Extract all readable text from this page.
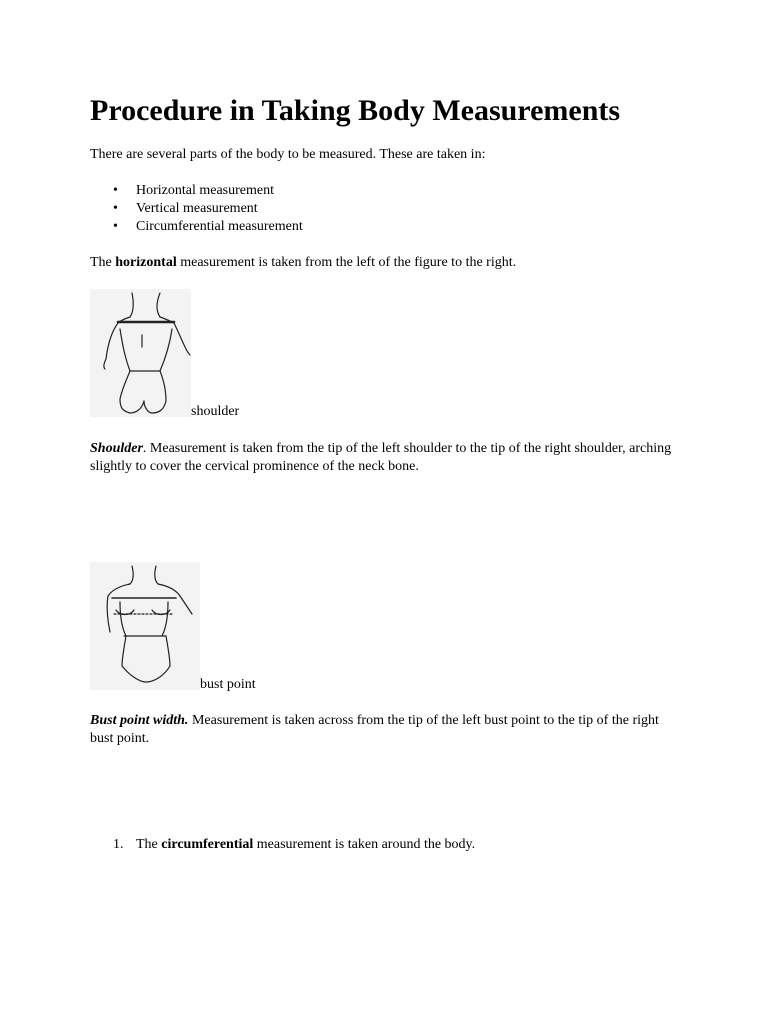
Procedure in Taking Body Measurements

There are several parts of the body to be measured. These are taken in:

• Horizontal measurement
• Vertical measurement
• Circumferential measurement

The horizontal measurement is taken from the left of the figure to the right.

shoulder

Shoulder. Measurement is taken from the tip of the left shoulder to the tip of the right shoulder, arching slightly to cover the cervical prominence of the neck bone.

bust point

Bust point width. Measurement is taken across from the tip of the left bust point to the tip of the right bust point.

1. The circumferential measurement is taken around the body.
